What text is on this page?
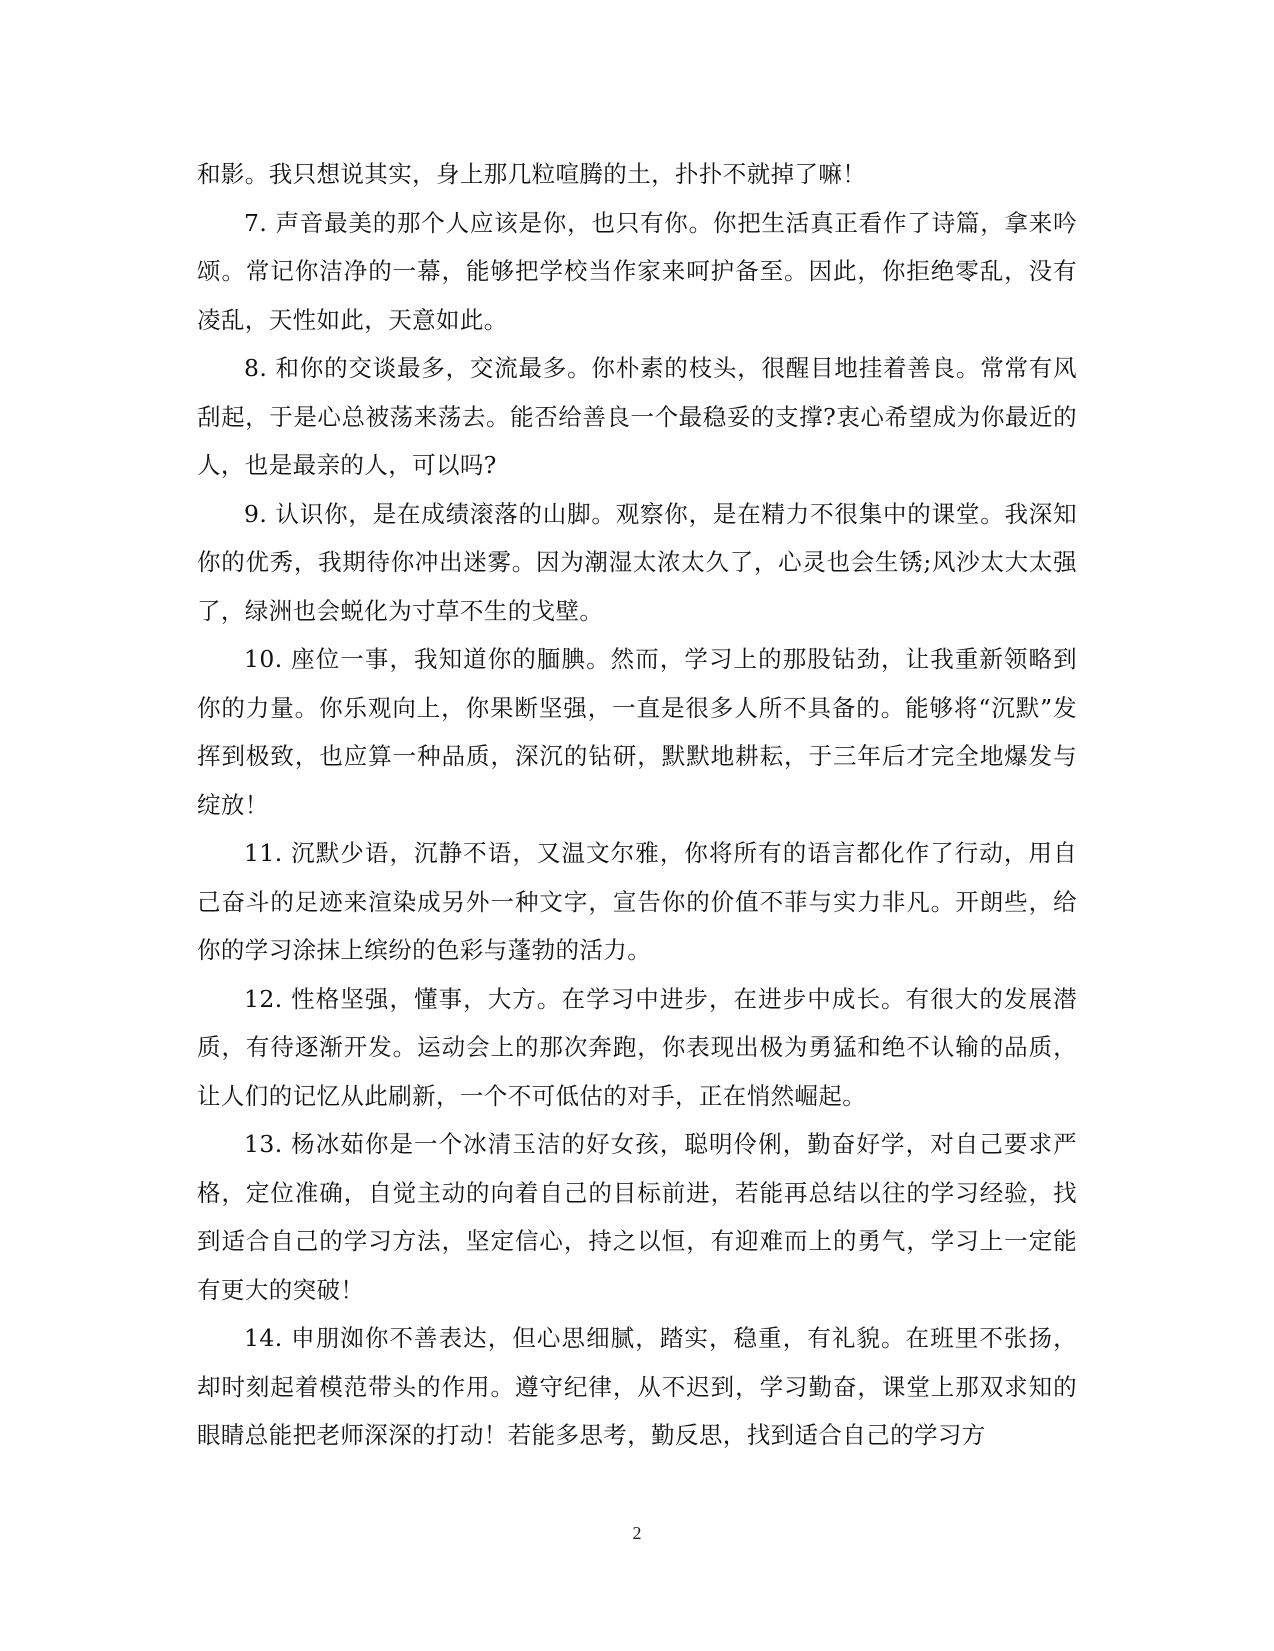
和影。我只想说其实，身上那几粒喧腾的土，扑扑不就掉了嘛！

7. 声音最美的那个人应该是你，也只有你。你把生活真正看作了诗篇，拿来吟颂。常记你洁净的一幕，能够把学校当作家来呵护备至。因此，你拒绝零乱，没有凌乱，天性如此，天意如此。

8. 和你的交谈最多，交流最多。你朴素的枝头，很醒目地挂着善良。常常有风刮起，于是心总被荡来荡去。能否给善良一个最稳妥的支撑?衷心希望成为你最近的人，也是最亲的人，可以吗?

9. 认识你，是在成绩滚落的山脚。观察你，是在精力不很集中的课堂。我深知你的优秀，我期待你冲出迷雾。因为潮湿太浓太久了，心灵也会生锈;风沙太大太强了，绿洲也会蜕化为寸草不生的戈壁。

10. 座位一事，我知道你的腼腆。然而，学习上的那股钻劲，让我重新领略到你的力量。你乐观向上，你果断坚强，一直是很多人所不具备的。能够将“沉默”发挥到极致，也应算一种品质，深沉的钻研，默默地耕耘，于三年后才完全地爆发与绽放！

11. 沉默少语，沉静不语，又温文尔雅，你将所有的语言都化作了行动，用自己奋斗的足迹来渲染成另外一种文字，宣告你的价值不菲与实力非凡。开朗些，给你的学习涂抹上缤纷的色彩与蓬勃的活力。

12. 性格坚强，懂事，大方。在学习中进步，在进步中成长。有很大的发展潜质，有待逐渐开发。运动会上的那次奔跑，你表现出极为勇猛和绝不认输的品质，让人们的记忆从此刷新，一个不可低估的对手，正在悄然崛起。

13. 杨冰茹你是一个冰清玉洁的好女孩，聪明伶俐，勤奋好学，对自己要求严格，定位准确，自觉主动的向着自己的目标前进，若能再总结以往的学习经验，找到适合自己的学习方法，坚定信心，持之以恒，有迎难而上的勇气，学习上一定能有更大的突破！

14. 申朋洳你不善表达，但心思细腻，踏实，稳重，有礼貌。在班里不张扬，却时刻起着模范带头的作用。遵守纪律，从不迟到，学习勤奋，课堂上那双求知的眼睛总能把老师深深的打动！若能多思考，勤反思，找到适合自己的学习方

2
